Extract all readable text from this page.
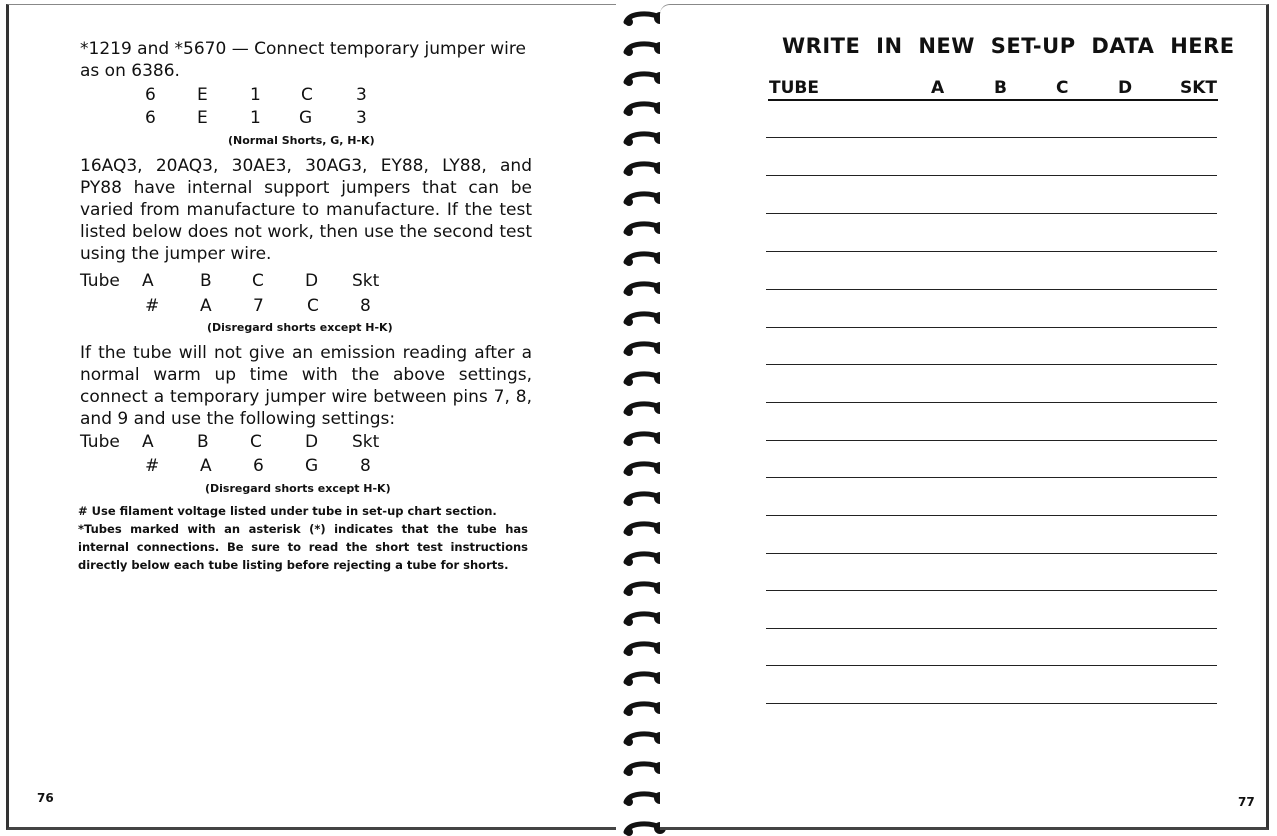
*1219 and *5670 — Connect temporary jumper wire as on 6386.
6 E 1 C	3
6 E 1 G	3
(Normal Shorts, G, H-K)
16AQ3, 20AQ3, 30AE3, 30AG3, EY88, LY88, and PY88 have internal support jumpers that can be varied from manufacture to manufacture. If the test listed below does not work, then use the second test using the jumper wire.
Tube A	B C D Skt
# A 7	C 8
(Disregard shorts except H-K)
If the tube will not give an emission reading after a normal warm up time with the above settings, connect a temporary jumper wire between pins 7, 8, and 9 and use the following settings:
Tube A	B C	D Skt
# A 6 G 8
(Disregard shorts except H-K)
# Use filament voltage listed under tube in set-up chart section.
*Tubes marked with an asterisk (*) indicates that the tube has internal connections. Be sure to read the short test instructions directly below each tube listing before rejecting a tube for shorts.
76
WRITE IN NEW SET-UP DATA HERE
TUBE	A	B	C	D	SKT
77
